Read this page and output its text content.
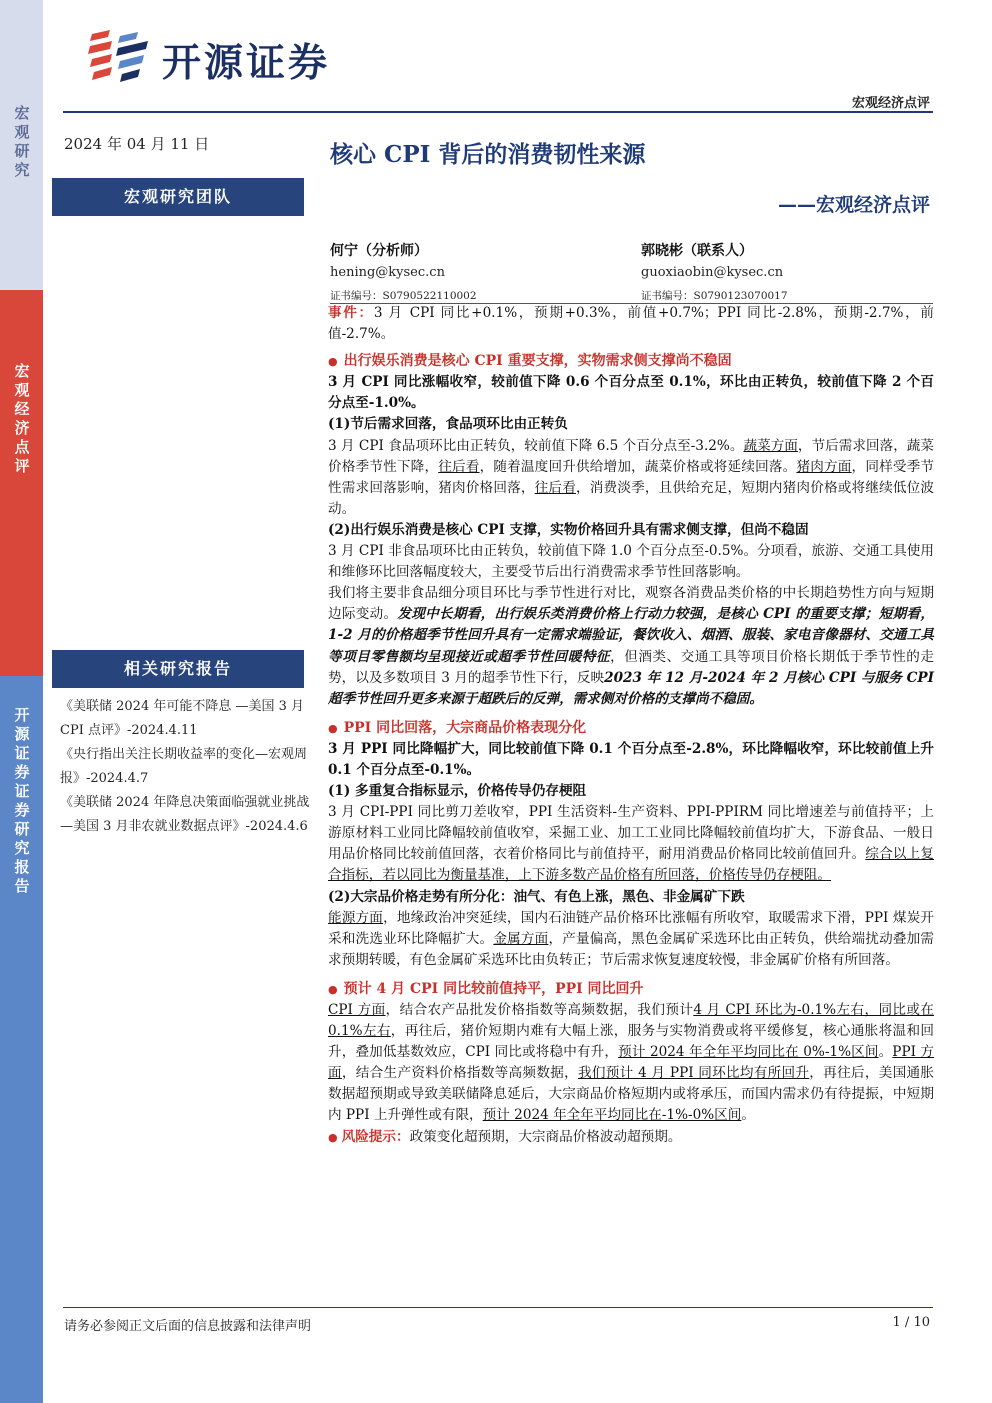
宏观研究
宏观经济点评
开源证券 证券研究报告
开源证券
宏观经济点评
2024 年 04 月 11 日	核心 CPI 背后的消费韧性来源
——宏观经济点评
宏观研究团队
何宁（分析师）
hening@kysec.cn
证书编号：S0790522110002
郭晓彬（联系人）
guoxiaobin@kysec.cn
证书编号：S0790123070017

事件：3 月 CPI 同比+0.1%，预期+0.3%，前值+0.7%；PPI 同比-2.8%，预期-2.7%，前值-2.7%。

● 出行娱乐消费是核心 CPI 重要支撑，实物需求侧支撑尚不稳固

3 月 CPI 同比涨幅收窄，较前值下降 0.6 个百分点至 0.1%，环比由正转负，较前值下降 2 个百分点至-1.0%。

(1)节后需求回落，食品项环比由正转负

3 月 CPI 食品项环比由正转负，较前值下降 6.5 个百分点至-3.2%。蔬菜方面，节后需求回落，蔬菜价格季节性下降，往后看，随着温度回升供给增加，蔬菜价格或将延续回落。猪肉方面，同样受季节性需求回落影响，猪肉价格回落，往后看，消费淡季，且供给充足，短期内猪肉价格或将继续低位波动。

(2)出行娱乐消费是核心 CPI 支撑，实物价格回升具有需求侧支撑，但尚不稳固

3 月 CPI 非食品项环比由正转负，较前值下降 1.0 个百分点至-0.5%。分项看，旅游、交通工具使用和维修环比回落幅度较大，主要受节后出行消费需求季节性回落影响。

我们将主要非食品细分项目环比与季节性进行对比，观察各消费品类价格的中长期趋势性方向与短期边际变动。发现中长期看，出行娱乐类消费价格上行动力较强，是核心 CPI 的重要支撑；短期看，1-2 月的价格超季节性回升具有一定需求端验证，餐饮收入、烟酒、服装、家电音像器材、交通工具等项目零售额均呈现接近或超季节性回暖特征，但酒类、交通工具等项目价格长期低于季节性的走势，以及多数项目 3 月的超季节性下行，反映2023 年 12 月-2024 年 2 月核心 CPI 与服务 CPI 超季节性回升更多来源于超跌后的反弹，需求侧对价格的支撑尚不稳固。

● PPI 同比回落，大宗商品价格表现分化

3 月 PPI 同比降幅扩大，同比较前值下降 0.1 个百分点至-2.8%，环比降幅收窄，环比较前值上升 0.1 个百分点至-0.1%。

(1) 多重复合指标显示，价格传导仍存梗阻

3 月 CPI-PPI 同比剪刀差收窄，PPI 生活资料-生产资料、PPI-PPIRM 同比增速差与前值持平；上游原材料工业同比降幅较前值收窄，采掘工业、加工工业同比降幅较前值均扩大，下游食品、一般日用品价格同比较前值回落，衣着价格同比与前值持平，耐用消费品价格同比较前值回升。综合以上复合指标，若以同比为衡量基准，上下游多数产品价格有所回落，价格传导仍存梗阻。

(2)大宗品价格走势有所分化：油气、有色上涨，黑色、非金属矿下跌

能源方面，地缘政治冲突延续，国内石油链产品价格环比涨幅有所收窄，取暖需求下滑，PPI 煤炭开采和洗选业环比降幅扩大。金属方面，产量偏高，黑色金属矿采选环比由正转负，供给端扰动叠加需求预期转暖，有色金属矿采选环比由负转正；节后需求恢复速度较慢，非金属矿价格有所回落。

● 预计 4 月 CPI 同比较前值持平，PPI 同比回升

CPI 方面，结合农产品批发价格指数等高频数据，我们预计4 月 CPI 环比为-0.1%左右，同比或在 0.1%左右，再往后，猪价短期内难有大幅上涨，服务与实物消费或将平缓修复，核心通胀将温和回升，叠加低基数效应，CPI 同比或将稳中有升，预计 2024 年全年平均同比在 0%-1%区间。PPI 方面，结合生产资料价格指数等高频数据，我们预计 4 月 PPI 同环比均有所回升，再往后，美国通胀数据超预期或导致美联储降息延后，大宗商品价格短期内或将承压，而国内需求仍有待提振，中短期内 PPI 上升弹性或有限，预计 2024 年全年平均同比在-1%-0%区间。

● 风险提示：政策变化超预期，大宗商品价格波动超预期。

相关研究报告
《美联储 2024 年可能不降息 —美国 3 月 CPI 点评》-2024.4.11
《央行指出关注长期收益率的变化—宏观周报》-2024.4.7
《美联储 2024 年降息决策面临强就业挑战—美国 3 月非农就业数据点评》-2024.4.6
请务必参阅正文后面的信息披露和法律声明	1 / 10
